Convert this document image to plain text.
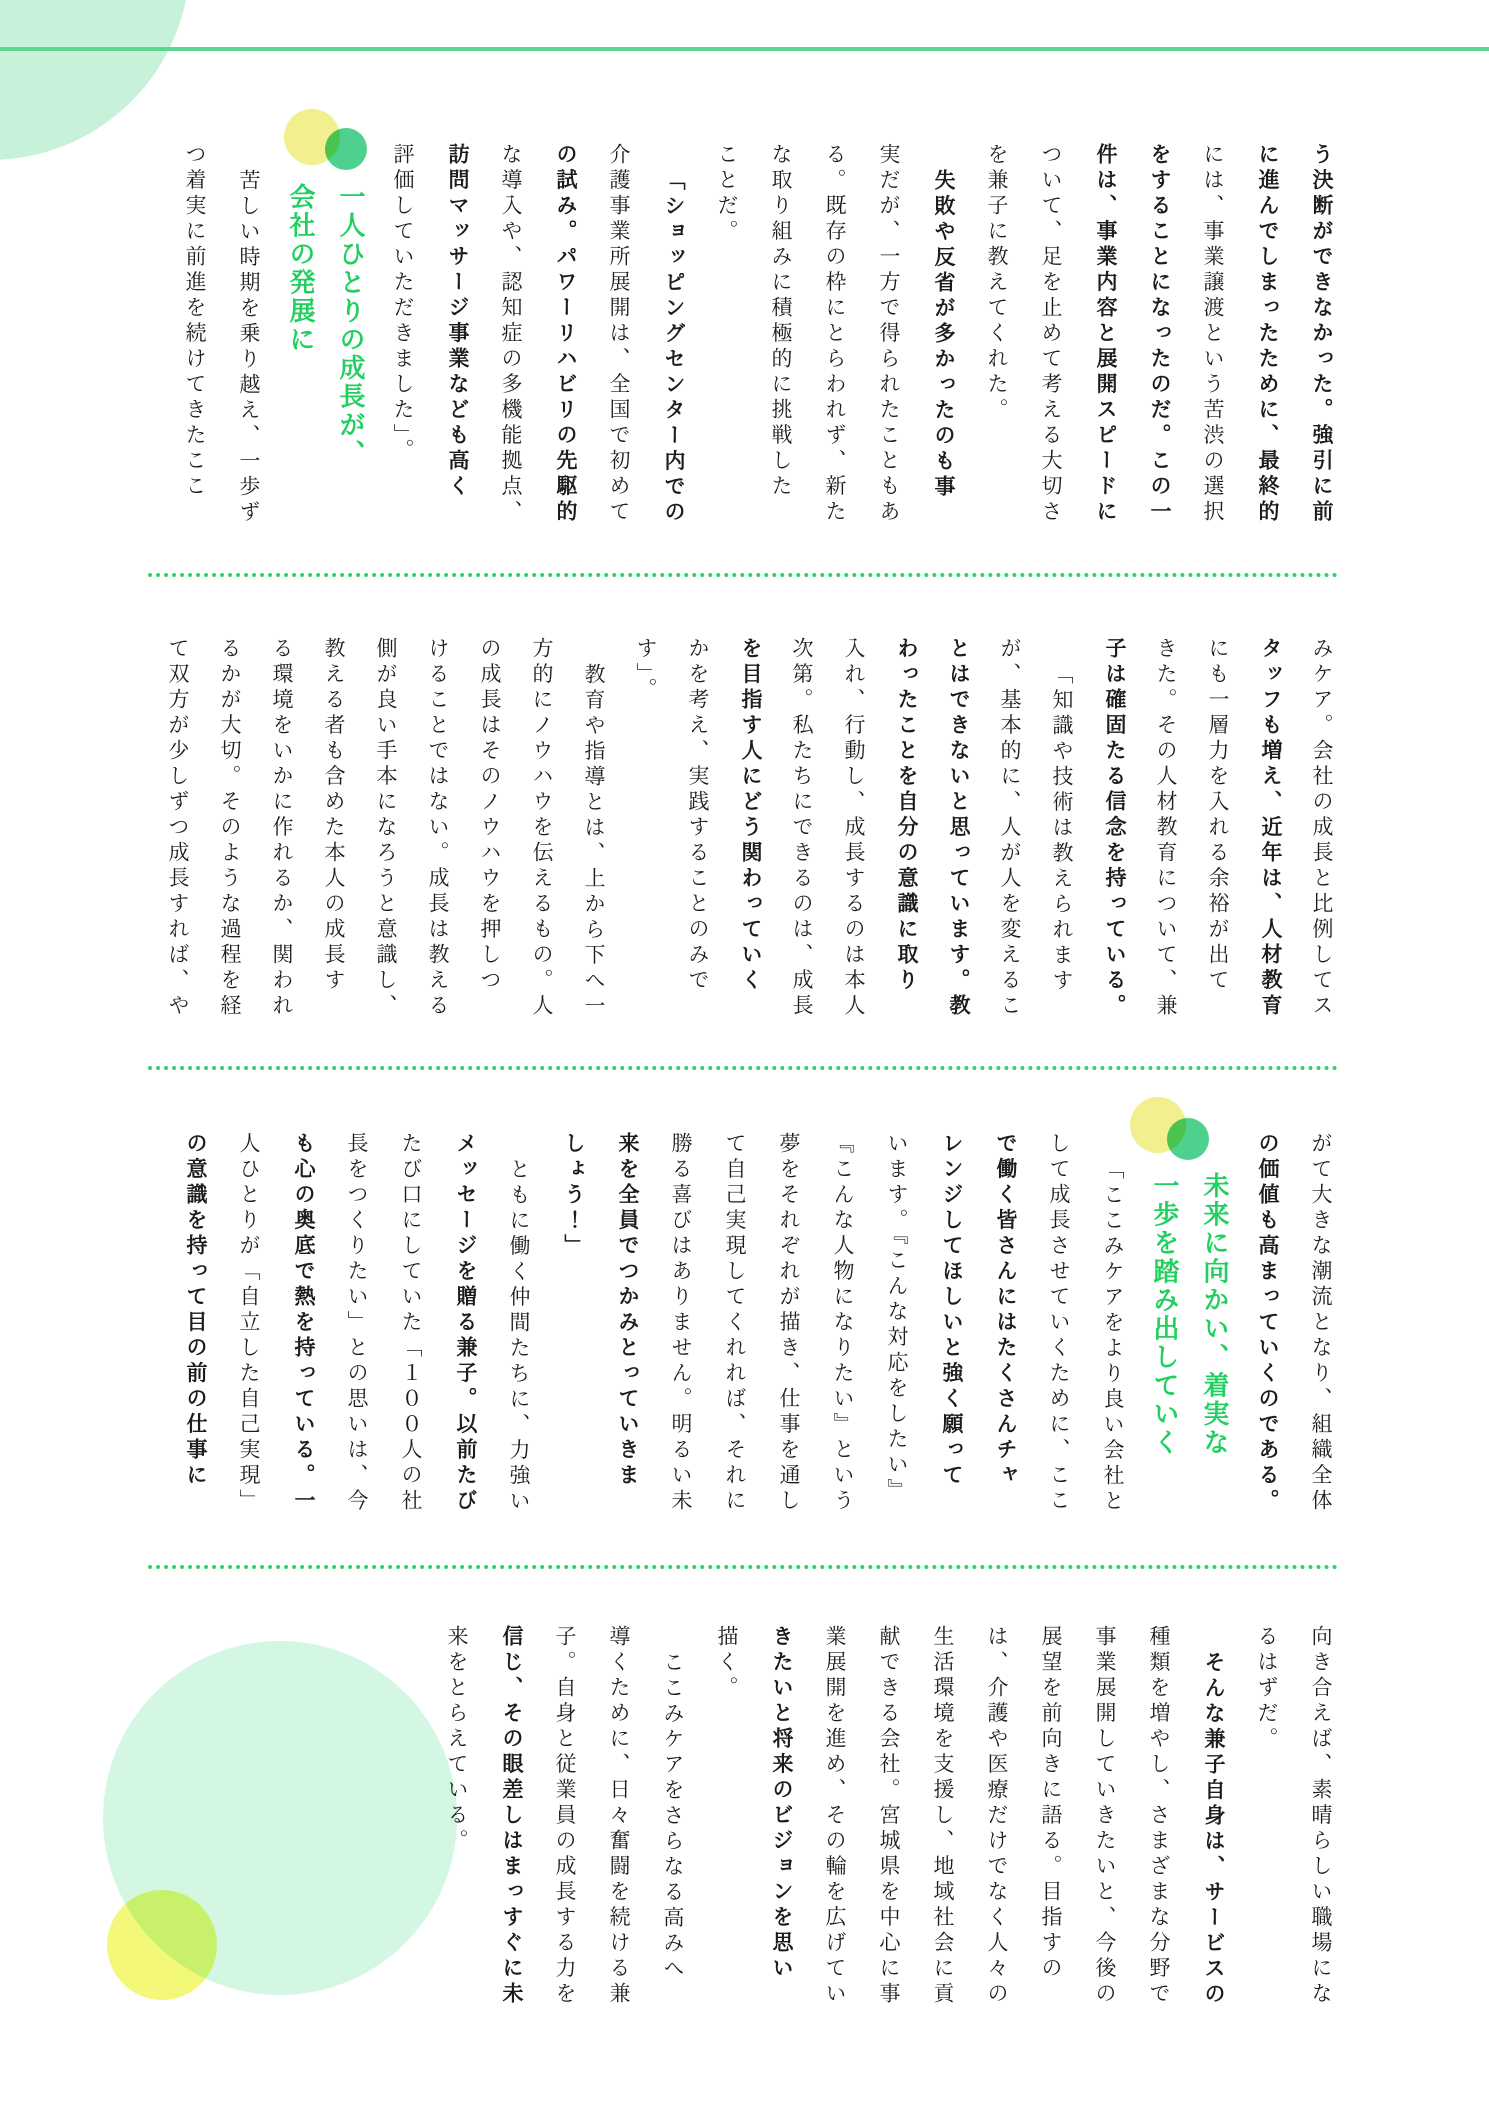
う決断ができなかった。強引に前
に進んでしまったために、最終的
には、事業譲渡という苦渋の選択
をすることになったのだ。この一
件は、事業内容と展開スピードに
ついて、足を止めて考える大切さ
を兼子に教えてくれた。
失敗や反省が多かったのも事
実だが、一方で得られたこともあ
る。既存の枠にとらわれず、新た
な取り組みに積極的に挑戦した
ことだ。
「ショッピングセンター内での
介護事業所展開は、全国で初めて
の試み。パワーリハビリの先駆的
な導入や、認知症の多機能拠点、
訪問マッサージ事業なども高く
評価していただきました」。
一人ひとりの成長が、
会社の発展に
苦しい時期を乗り越え、一歩ず
つ着実に前進を続けてきたここ
みケア。会社の成長と比例してス
タッフも増え、近年は、人材教育
にも一層力を入れる余裕が出て
きた。その人材教育について、兼
子は確固たる信念を持っている。
「知識や技術は教えられます
が、基本的に、人が人を変えるこ
とはできないと思っています。教
わったことを自分の意識に取り
入れ、行動し、成長するのは本人
次第。私たちにできるのは、成長
を目指す人にどう関わっていく
かを考え、実践することのみで
す」。
教育や指導とは、上から下へ一
方的にノウハウを伝えるもの。人
の成長はそのノウハウを押しつ
けることではない。成長は教える
側が良い手本になろうと意識し、
教える者も含めた本人の成長す
る環境をいかに作れるか、関われ
るかが大切。そのような過程を経
て双方が少しずつ成長すれば、や
がて大きな潮流となり、組織全体
の価値も高まっていくのである。
未来に向かい、着実な
一歩を踏み出していく
「ここみケアをより良い会社と
して成長させていくために、ここ
で働く皆さんにはたくさんチャ
レンジしてほしいと強く願って
います。『こんな対応をしたい』
『こんな人物になりたい』という
夢をそれぞれが描き、仕事を通し
て自己実現してくれれば、それに
勝る喜びはありません。明るい未
来を全員でつかみとっていきま
しょう！」
ともに働く仲間たちに、力強い
メッセージを贈る兼子。以前たび
たび口にしていた「１００人の社
長をつくりたい」との思いは、今
も心の奥底で熱を持っている。一
人ひとりが「自立した自己実現」
の意識を持って目の前の仕事に
向き合えば、素晴らしい職場にな
るはずだ。
そんな兼子自身は、サービスの
種類を増やし、さまざまな分野で
事業展開していきたいと、今後の
展望を前向きに語る。目指すの
は、介護や医療だけでなく人々の
生活環境を支援し、地域社会に貢
献できる会社。宮城県を中心に事
業展開を進め、その輪を広げてい
きたいと将来のビジョンを思い
描く。
ここみケアをさらなる高みへ
導くために、日々奮闘を続ける兼
子。自身と従業員の成長する力を
信じ、その眼差しはまっすぐに未
来をとらえている。
